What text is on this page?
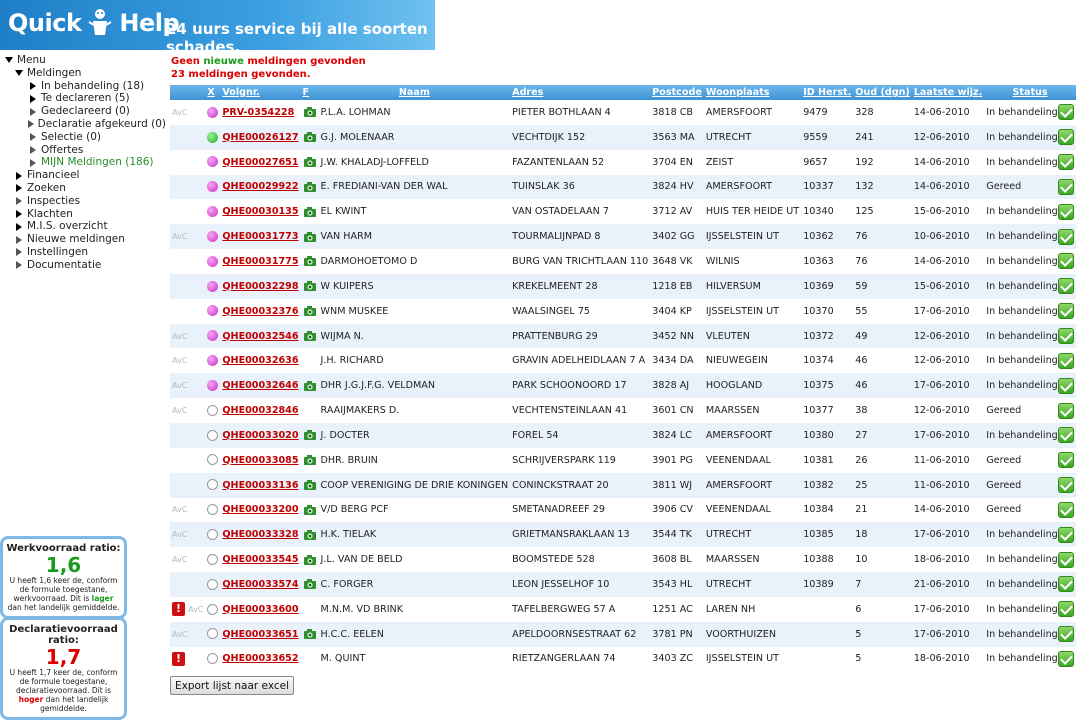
Quick Help
24 uurs service bij alle soorten schades.
Menu
Meldingen
In behandeling (18)
Te declareren (5)
Gedeclareerd (0)
Declaratie afgekeurd (0)
Selectie (0)
Offertes
MIJN Meldingen (186)
Financieel
Zoeken
Inspecties
Klachten
M.I.S. overzicht
Nieuwe meldingen
Instellingen
Documentatie
Werkvoorraad ratio:
1,6
U heeft 1,6 keer de, conform de formule toegestane, werkvoorraad. Dit is lager dan het landelijk gemiddelde.
Declaratievoorraad ratio:
1,7
U heeft 1,7 keer de, conform de formule toegestane, declaratievoorraad. Dit is hoger dan het landelijk gemiddelde.
Geen nieuwe meldingen gevonden
23 meldingen gevonden.
	X	Volgnr.	F	Naam	Adres	Postcode	Woonplaats	ID Herst.	Oud (dgn)	Laatste wijz.	Status
AvC		PRV-0354228		P.L.A. LOHMAN	PIETER BOTHLAAN 4	3818 CB	AMERSFOORT	9479	328	14-06-2010	In behandeling

		QHE00026127		G.J. MOLENAAR	VECHTDIJK 152	3563 MA	UTRECHT	9559	241	12-06-2010	In behandeling

		QHE00027651		J.W. KHALADJ-LOFFELD	FAZANTENLAAN 52	3704 EN	ZEIST	9657	192	14-06-2010	In behandeling

		QHE00029922		E. FREDIANI-VAN DER WAL	TUINSLAK 36	3824 HV	AMERSFOORT	10337	132	14-06-2010	Gereed

		QHE00030135		EL KWINT	VAN OSTADELAAN 7	3712 AV	HUIS TER HEIDE UT	10340	125	15-06-2010	In behandeling

AvC		QHE00031773		VAN HARM	TOURMALIJNPAD 8	3402 GG	IJSSELSTEIN UT	10362	76	10-06-2010	In behandeling

		QHE00031775		DARMOHOETOMO D	BURG VAN TRICHTLAAN 110	3648 VK	WILNIS	10363	76	14-06-2010	In behandeling

		QHE00032298		W KUIPERS	KREKELMEENT 28	1218 EB	HILVERSUM	10369	59	15-06-2010	In behandeling

		QHE00032376		WNM MUSKEE	WAALSINGEL 75	3404 KP	IJSSELSTEIN UT	10370	55	17-06-2010	In behandeling

AvC		QHE00032546		WIJMA N.	PRATTENBURG 29	3452 NN	VLEUTEN	10372	49	12-06-2010	In behandeling

AvC		QHE00032636		J.H. RICHARD	GRAVIN ADELHEIDLAAN 7 A	3434 DA	NIEUWEGEIN	10374	46	12-06-2010	In behandeling

AvC		QHE00032646		DHR J.G.J.F.G. VELDMAN	PARK SCHOONOORD 17	3828 AJ	HOOGLAND	10375	46	17-06-2010	In behandeling

AvC		QHE00032846		RAAIJMAKERS D.	VECHTENSTEINLAAN 41	3601 CN	MAARSSEN	10377	38	12-06-2010	Gereed

		QHE00033020		J. DOCTER	FOREL 54	3824 LC	AMERSFOORT	10380	27	17-06-2010	In behandeling

		QHE00033085		DHR. BRUIN	SCHRIJVERSPARK 119	3901 PG	VEENENDAAL	10381	26	11-06-2010	Gereed

		QHE00033136		COOP VERENIGING DE DRIE KONINGEN	CONINCKSTRAAT 20	3811 WJ	AMERSFOORT	10382	25	11-06-2010	Gereed

AvC		QHE00033200		V/D BERG PCF	SMETANADREEF 29	3906 CV	VEENENDAAL	10384	21	14-06-2010	Gereed

AvC		QHE00033328		H.K. TIELAK	GRIETMANSRAKLAAN 13	3544 TK	UTRECHT	10385	18	17-06-2010	In behandeling

AvC		QHE00033545		J.L. VAN DE BELD	BOOMSTEDE 528	3608 BL	MAARSSEN	10388	10	18-06-2010	In behandeling

		QHE00033574		C. FORGER	LEON JESSELHOF 10	3543 HL	UTRECHT	10389	7	21-06-2010	In behandeling

! AvC		QHE00033600		M.N.M. VD BRINK	TAFELBERGWEG 57 A	1251 AC	LAREN NH		6	17-06-2010	In behandeling

AvC		QHE00033651		H.C.C. EELEN	APELDOORNSESTRAAT 62	3781 PN	VOORTHUIZEN		5	17-06-2010	In behandeling

!		QHE00033652		M. QUINT	RIETZANGERLAAN 74	3403 ZC	IJSSELSTEIN UT		5	18-06-2010	In behandeling
Export lijst naar excel
